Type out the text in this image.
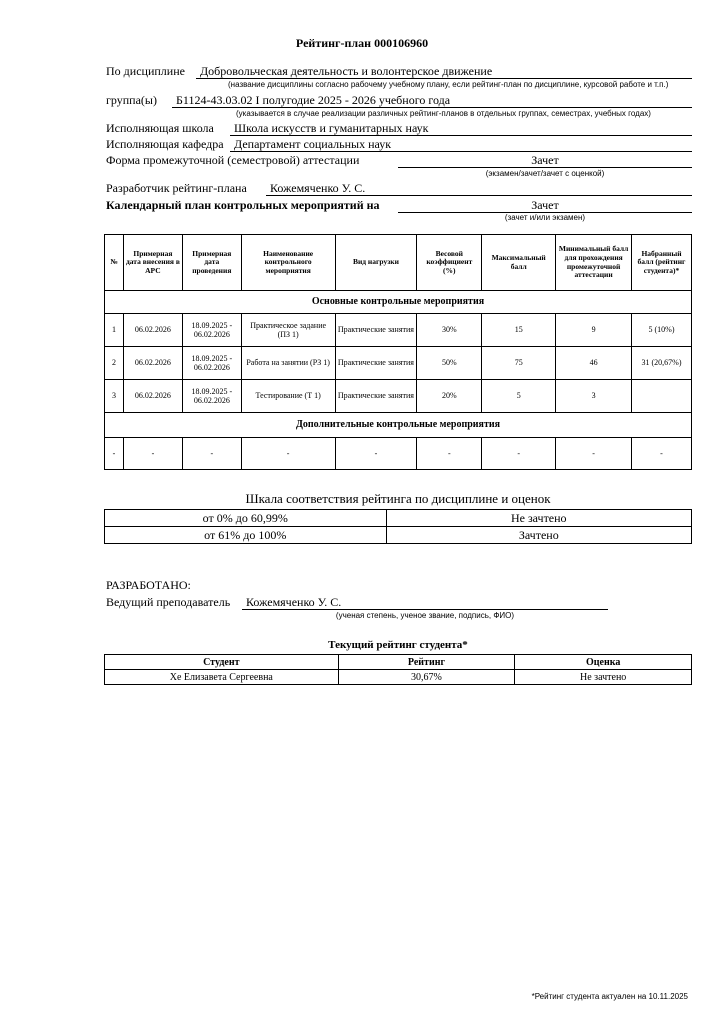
Рейтинг-план 000106960
По дисциплине Добровольческая деятельность и волонтерское движение
(название дисциплины согласно рабочему учебному плану, если рейтинг-план по дисциплине, курсовой работе и т.п.)
группа(ы) Б1124-43.03.02 I полугодие 2025 - 2026 учебного года
(указывается в случае реализации различных рейтинг-планов в отдельных группах, семестрах, учебных годах)
Исполняющая школа Школа искусств и гуманитарных наук
Исполняющая кафедра Департамент социальных наук
Форма промежуточной (семестровой) аттестации	Зачет
(экзамен/зачет/зачет с оценкой)
Разработчик рейтинг-плана Кожемяченко У. С.
Календарный план контрольных мероприятий на	Зачет
(зачет и/или экзамен)
№	Примерная дата внесения в АРС	Примерная дата проведения	Наименование контрольного мероприятия	Вид нагрузки	Весовой коэффициент (%)	Максимальный балл	Минимальный балл для прохождения промежуточной аттестации	Набранный балл (рейтинг студента)*
Основные контрольные мероприятия								
1	06.02.2026	18.09.2025 - 06.02.2026	Практическое задание (ПЗ 1)	Практические занятия	30%	15	9	5 (10%)
2	06.02.2026	18.09.2025 - 06.02.2026	Работа на занятии (РЗ 1)	Практические занятия	50%	75	46	31 (20,67%)
3	06.02.2026	18.09.2025 - 06.02.2026	Тестирование (Т 1)	Практические занятия	20%	5	3	
Дополнительные контрольные мероприятия								
-	-	-	-	-	-	-	-	-
Шкала соответствия рейтинга по дисциплине и оценок
от 0% до 60,99%	Не зачтено
от 61% до 100%	Зачтено
РАЗРАБОТАНО:
Ведущий преподаватель Кожемяченко У. С.
(ученая степень, ученое звание, подпись, ФИО)
Текущий рейтинг студента*
Студент	Рейтинг	Оценка
Хе Елизавета Сергеевна	30,67%	Не зачтено
*Рейтинг студента актуален на 10.11.2025
